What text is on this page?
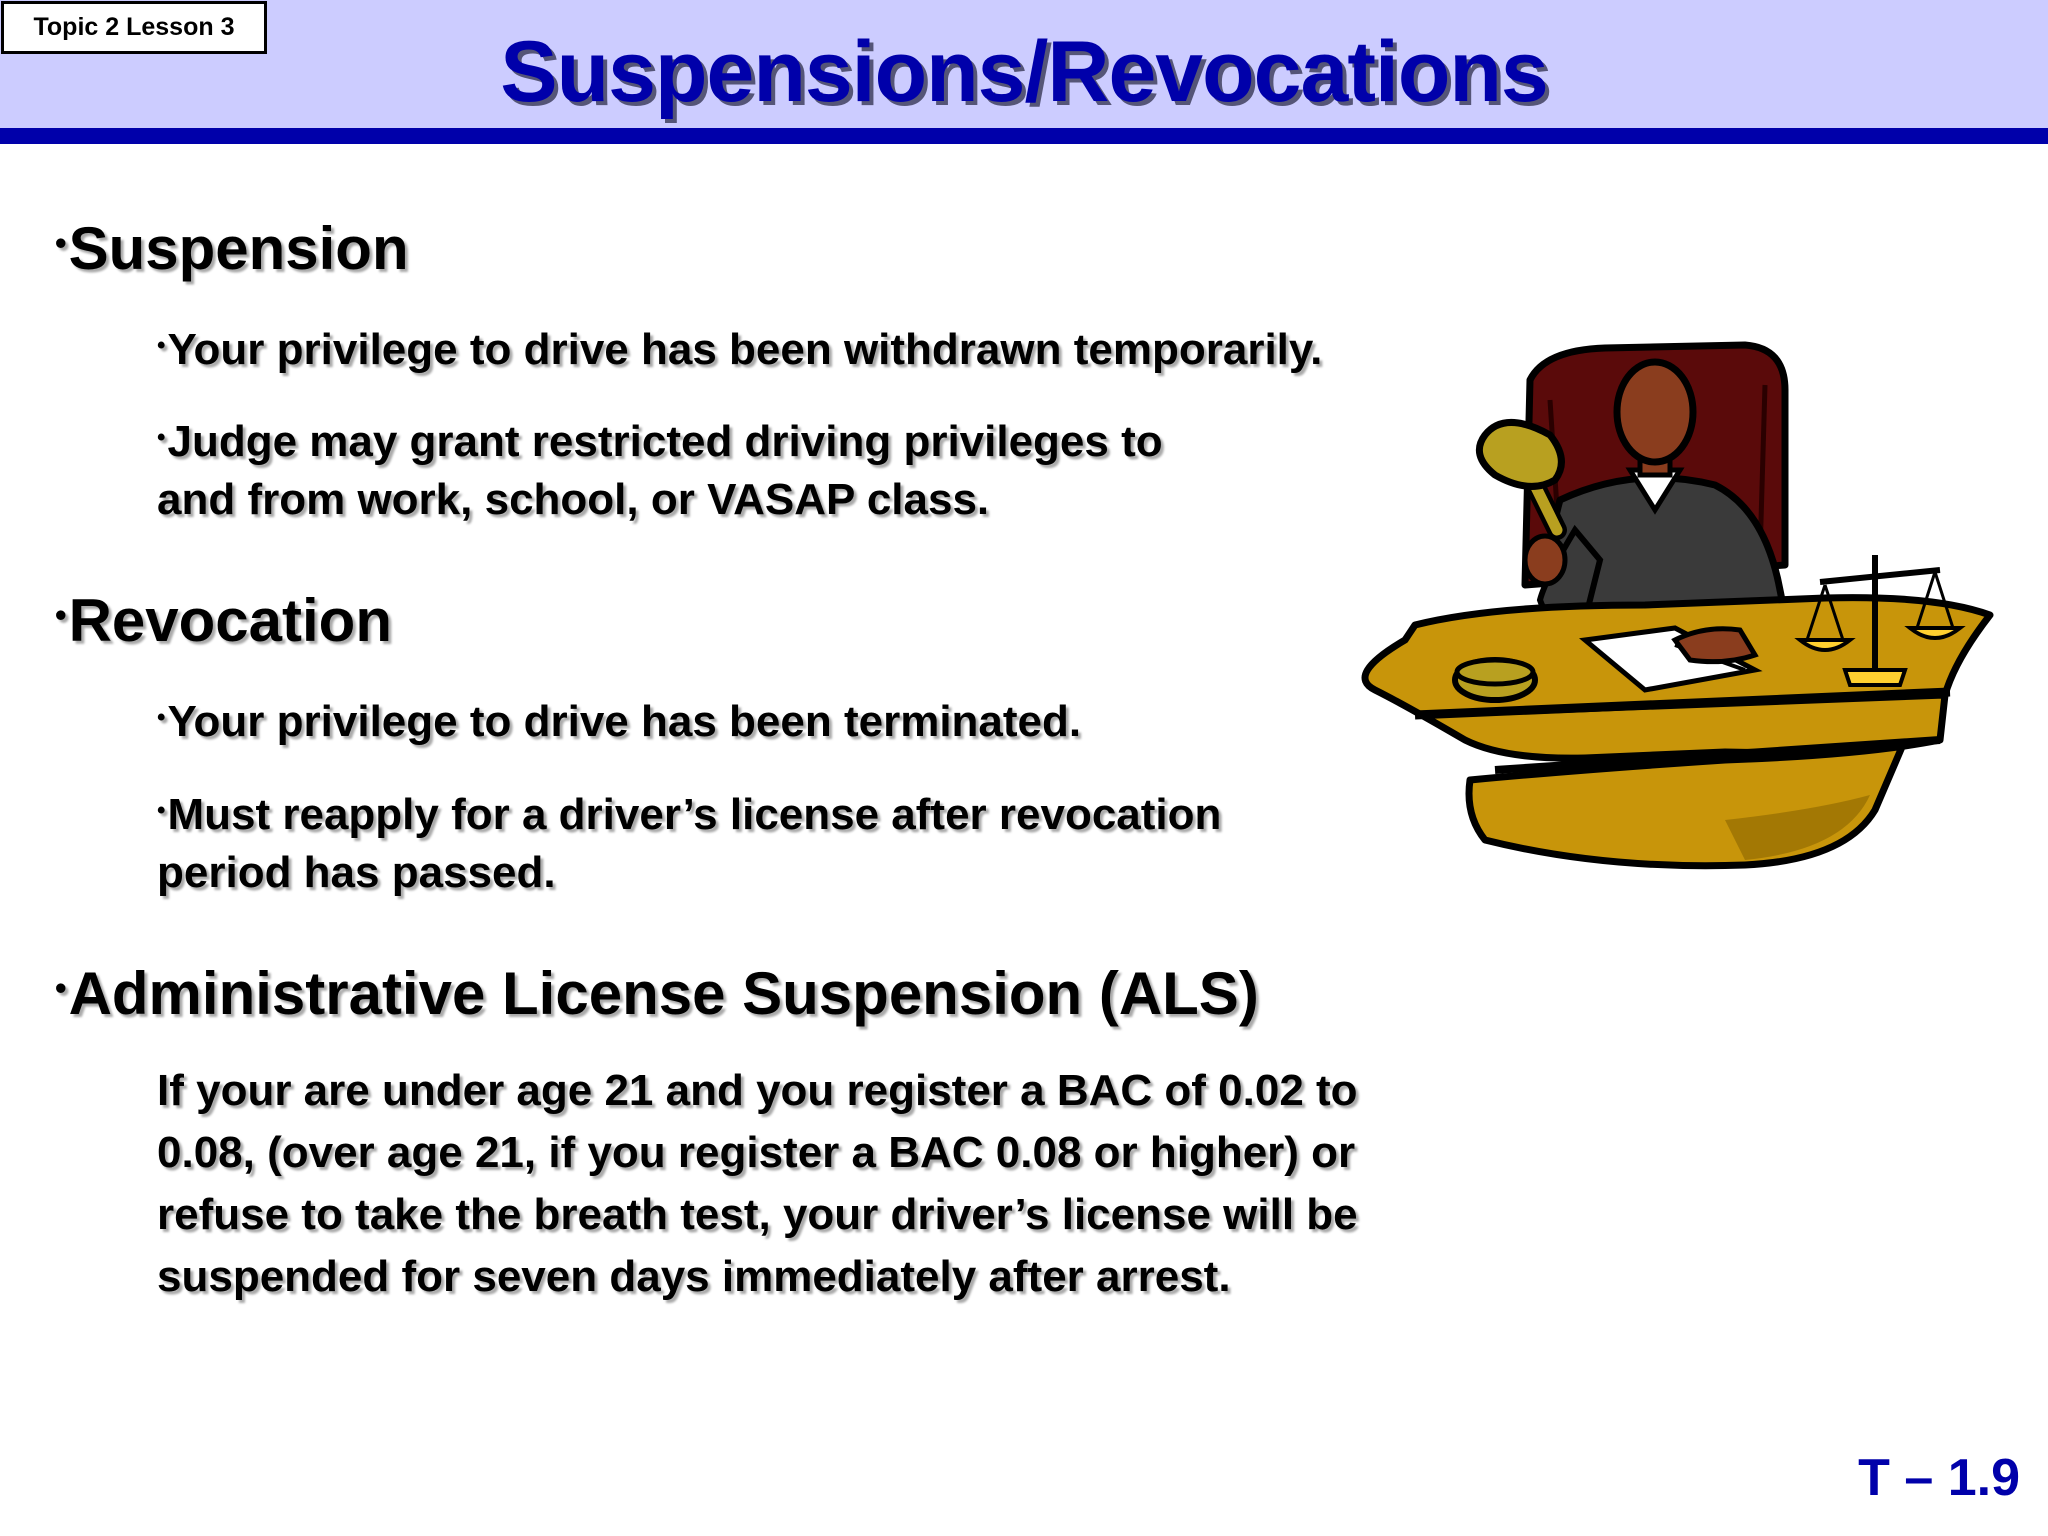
Topic 2 Lesson 3	Suspensions/Revocations
•Suspension
•Your privilege to drive has been withdrawn temporarily.
•Judge may grant restricted driving privileges to
and from work, school, or VASAP class.
•Revocation
•Your privilege to drive has been terminated.
•Must reapply for a driver’s license after revocation
period has passed.
•Administrative License Suspension (ALS)
If your are under age 21 and you register a BAC of 0.02 to
0.08, (over age 21, if you register a BAC 0.08 or higher) or
refuse to take the breath test, your driver’s license will be
suspended for seven days immediately after arrest.
T – 1.9
